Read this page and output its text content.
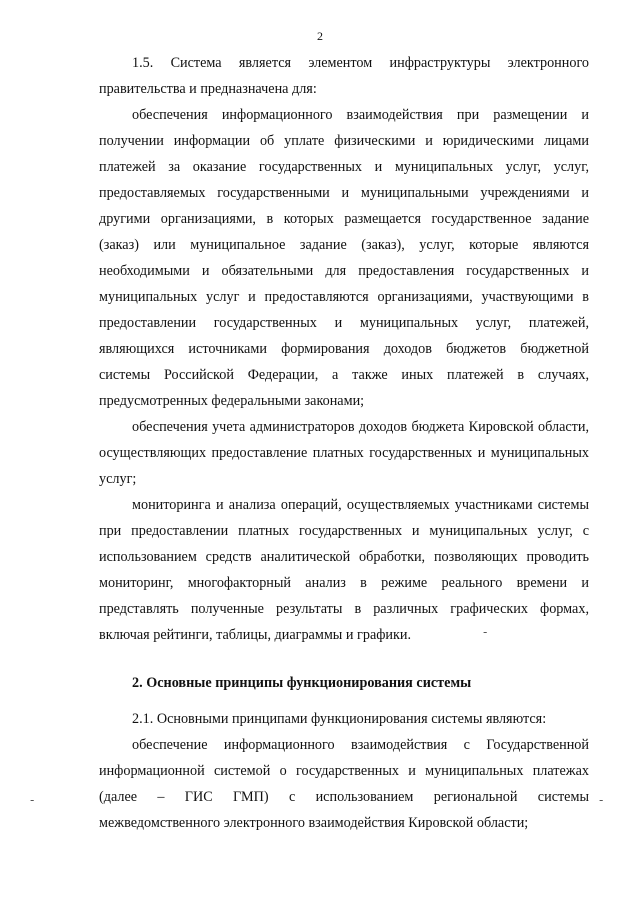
2

1.5. Система является элементом инфраструктуры электронного правительства и предназначена для:

обеспечения информационного взаимодействия при размещении и получении информации об уплате физическими и юридическими лицами платежей за оказание государственных и муниципальных услуг, услуг, предоставляемых государственными и муниципальными учреждениями и другими организациями, в которых размещается государственное задание (заказ) или муниципальное задание (заказ), услуг, которые являются необходимыми и обязательными для предоставления государственных и муниципальных услуг и предоставляются организациями, участвующими в предоставлении государственных и муниципальных услуг, платежей, являющихся источниками формирования доходов бюджетов бюджетной системы Российской Федерации, а также иных платежей в случаях, предусмотренных федеральными законами;

обеспечения учета администраторов доходов бюджета Кировской области, осуществляющих предоставление платных государственных и муниципальных услуг;

мониторинга и анализа операций, осуществляемых участниками системы при предоставлении платных государственных и муниципальных услуг, с использованием средств аналитической обработки, позволяющих проводить мониторинг, многофакторный анализ в режиме реального времени и представлять полученные результаты в различных графических формах, включая рейтинги, таблицы, диаграммы и графики.

2. Основные принципы функционирования системы

2.1. Основными принципами функционирования системы являются:

обеспечение информационного взаимодействия с Государственной информационной системой о государственных и муниципальных платежах (далее – ГИС ГМП) с использованием региональной системы межведомственного электронного взаимодействия Кировской области;

-	-
-
